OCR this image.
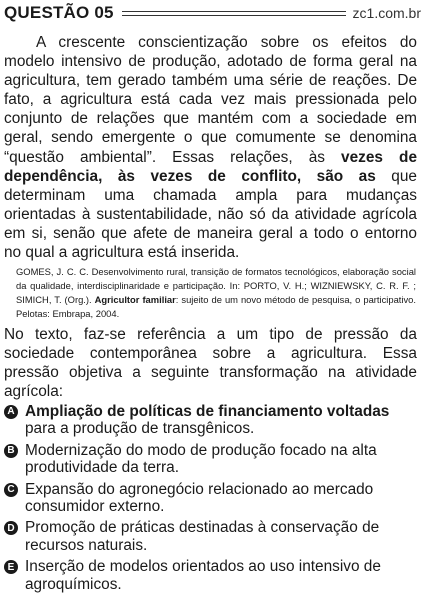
QUESTÃO 05	zc1.com.br

A crescente conscientização sobre os efeitos do modelo intensivo de produção, adotado de forma geral na agricultura, tem gerado também uma série de reações. De fato, a agricultura está cada vez mais pressionada pelo conjunto de relações que mantém com a sociedade em geral, sendo emergente o que comumente se denomina “questão ambiental”. Essas relações, às vezes de dependência, às vezes de conflito, são as que determinam uma chamada ampla para mudanças orientadas à sustentabilidade, não só da atividade agrícola em si, senão que afete de maneira geral a todo o entorno no qual a agricultura está inserida.

GOMES, J. C. C. Desenvolvimento rural, transição de formatos tecnológicos, elaboração social da qualidade, interdisciplinaridade e participação. In: PORTO, V. H.; WIZNIEWSKY, C. R. F. ; SIMICH, T. (Org.). Agricultor familiar: sujeito de um novo método de pesquisa, o participativo. Pelotas: Embrapa, 2004.

No texto, faz-se referência a um tipo de pressão da sociedade contemporânea sobre a agricultura. Essa pressão objetiva a seguinte transformação na atividade agrícola:

A Ampliação de políticas de financiamento voltadas para a produção de transgênicos.
B Modernização do modo de produção focado na alta produtividade da terra.
C Expansão do agronegócio relacionado ao mercado consumidor externo.
D Promoção de práticas destinadas à conservação de recursos naturais.
E Inserção de modelos orientados ao uso intensivo de agroquímicos.
